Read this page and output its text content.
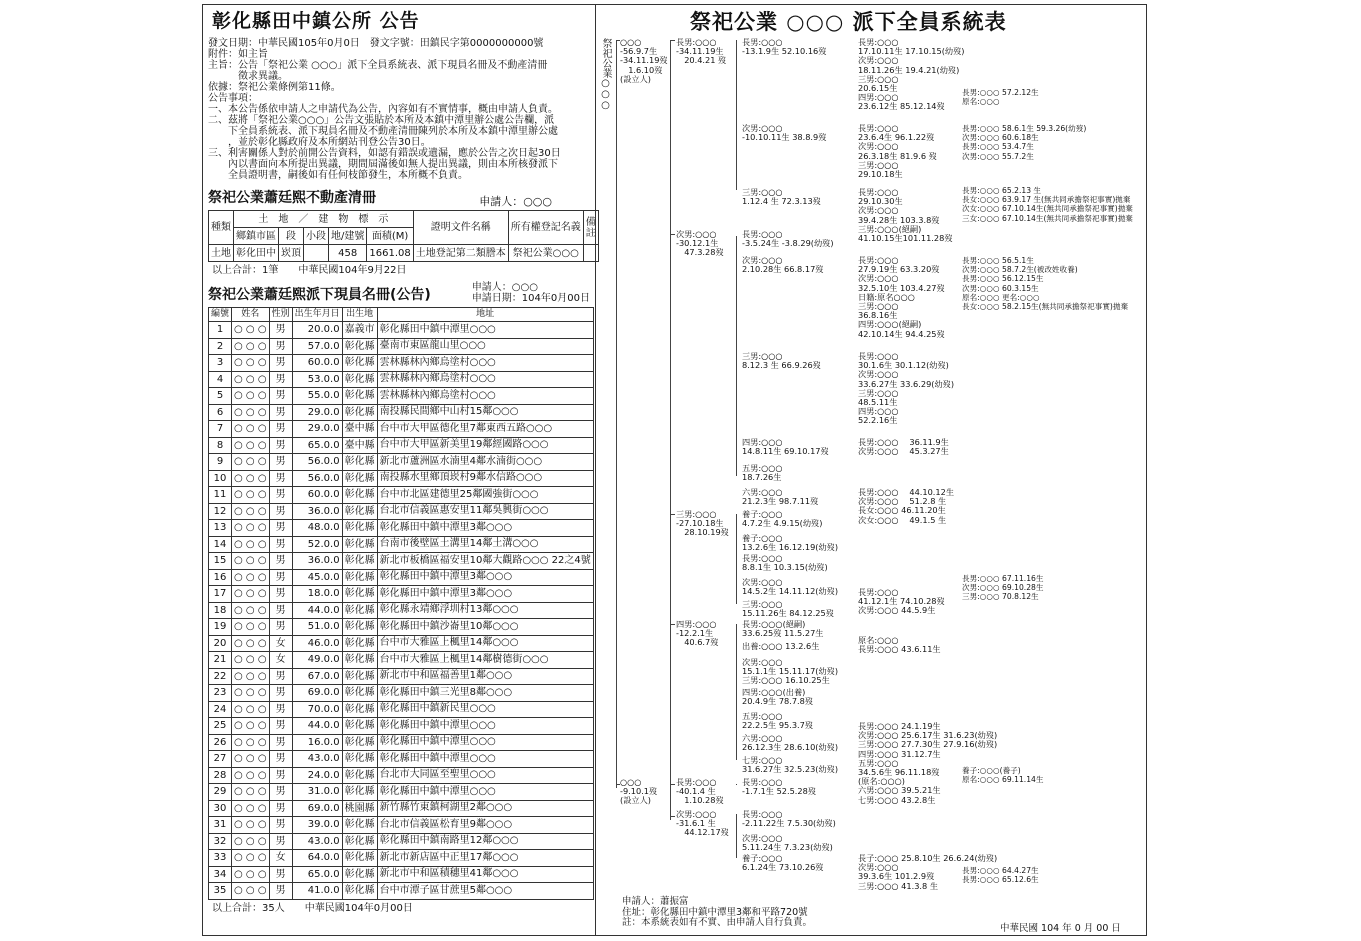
彰化縣田中鎮公所 公告

發文日期：中華民國105年0月0日　發文字號：田鎮民字第0000000000號

附件：如主旨

主旨：公告「祭祀公業 ○○○」派下全員系統表、派下現員名冊及不動產清冊

　　　徵求異議。

依據：祭祀公業條例第11條。

公告事項：

一、本公告係依申請人之申請代為公告，內容如有不實情事，概由申請人負責。

二、茲將「祭祀公業○○○」公告文張貼於本所及本鎮中潭里辦公處公告欄，派

　　下全員系統表、派下現員名冊及不動產清冊陳列於本所及本鎮中潭里辦公處

　　，並於彰化縣政府及本所網站刊登公告30日。

三、利害關係人對於前開公告資料，如認有錯誤或遺漏，應於公告之次日起30日

　　內以書面向本所提出異議，期間屆滿後如無人提出異議，則由本所核發派下

　　全員證明書，嗣後如有任何枝節發生，本所概不負責。

祭祀公業蕭廷熙不動產清冊	申請人：○○○
種類	土　地　／　建　物　標　示					證明文件名稱	所有權登記名義	備註
	鄉鎮市區	段	小段	地/建號	面積(M)			
土地	彰化田中	崁頂		458	1661.08	土地登記第二類謄本	祭祀公業○○○	
以上合計：1筆　　中華民國104年9月22日
祭祀公業蕭廷熙派下現員名冊(公告)	申請人：○○○
申請日期：104年0月00日
編號	姓名	性別	出生年月日	出生地	地址
1	○ ○ ○	男	20.0.0	嘉義市	彰化縣田中鎮中潭里○○○
2	○ ○ ○	男	57.0.0	彰化縣	臺南市東區龍山里○○○
3	○ ○ ○	男	60.0.0	彰化縣	雲林縣林內鄉烏塗村○○○
4	○ ○ ○	男	53.0.0	彰化縣	雲林縣林內鄉烏塗村○○○
5	○ ○ ○	男	55.0.0	彰化縣	雲林縣林內鄉烏塗村○○○
6	○ ○ ○	男	29.0.0	彰化縣	南投縣民間鄉中山村15鄰○○○
7	○ ○ ○	男	29.0.0	臺中縣	台中市大甲區德化里7鄰東西五路○○○
8	○ ○ ○	男	65.0.0	臺中縣	台中市大甲區新美里19鄰經國路○○○
9	○ ○ ○	男	56.0.0	彰化縣	新北市蘆洲區水湳里4鄰水湳街○○○
10	○ ○ ○	男	56.0.0	彰化縣	南投縣水里鄉頂崁村9鄰水信路○○○
11	○ ○ ○	男	60.0.0	彰化縣	台中市北區建德里25鄰國強街○○○
12	○ ○ ○	男	36.0.0	彰化縣	台北市信義區惠安里11鄰吳興街○○○
13	○ ○ ○	男	48.0.0	彰化縣	彰化縣田中鎮中潭里3鄰○○○
14	○ ○ ○	男	52.0.0	彰化縣	台南市後壁區土溝里14鄰土溝○○○
15	○ ○ ○	男	36.0.0	彰化縣	新北市板橋區福安里10鄰大觀路○○○ 22之4號
16	○ ○ ○	男	45.0.0	彰化縣	彰化縣田中鎮中潭里3鄰○○○
17	○ ○ ○	男	18.0.0	彰化縣	彰化縣田中鎮中潭里3鄰○○○
18	○ ○ ○	男	44.0.0	彰化縣	彰化縣永靖鄉浮圳村13鄰○○○
19	○ ○ ○	男	51.0.0	彰化縣	彰化縣田中鎮沙崙里10鄰○○○
20	○ ○ ○	女	46.0.0	彰化縣	台中市大雅區上楓里14鄰○○○
21	○ ○ ○	女	49.0.0	彰化縣	台中市大雅區上楓里14鄰樹德街○○○
22	○ ○ ○	男	67.0.0	彰化縣	新北市中和區福善里1鄰○○○
23	○ ○ ○	男	69.0.0	彰化縣	彰化縣田中鎮三光里8鄰○○○
24	○ ○ ○	男	70.0.0	彰化縣	彰化縣田中鎮新民里○○○
25	○ ○ ○	男	44.0.0	彰化縣	彰化縣田中鎮中潭里○○○
26	○ ○ ○	男	16.0.0	彰化縣	彰化縣田中鎮中潭里○○○
27	○ ○ ○	男	43.0.0	彰化縣	彰化縣田中鎮中潭里○○○
28	○ ○ ○	男	24.0.0	彰化縣	台北市大同區至聖里○○○
29	○ ○ ○	男	31.0.0	彰化縣	彰化縣田中鎮中潭里○○○
30	○ ○ ○	男	69.0.0	桃園縣	新竹縣竹東鎮柯湖里2鄰○○○
31	○ ○ ○	男	39.0.0	彰化縣	台北市信義區松育里9鄰○○○
32	○ ○ ○	男	43.0.0	彰化縣	彰化縣田中鎮南路里12鄰○○○
33	○ ○ ○	女	64.0.0	彰化縣	新北市新店區中正里17鄰○○○
34	○ ○ ○	男	65.0.0	彰化縣	新北市中和區積穗里41鄰○○○
35	○ ○ ○	男	41.0.0	彰化縣	台中市潭子區甘蔗里5鄰○○○
以上合計：35人　　中華民國104年0月00日
祭祀公業 ○○○ 派下全員系統表
祭祀公業○○○ ○○○
-56.9.7生
-34.11.19歿
　1.6.10歿
(設立人)
○○○
-9.10.1歿
(設立人)
長男:○○○
-34.11.19生
　20.4.21 歿
次男:○○○
-30.12.1生
　47.3.28歿
三男:○○○
-27.10.18生
　28.10.19歿
四男:○○○
-12.2.1生
　40.6.7歿
長男:○○○
-40.1.4 生
　1.10.28歿
次男:○○○
-31.6.1 生
　44.12.17歿
長男:○○○
-13.1.9生 52.10.16歿
次男:○○○
-10.10.11生 38.8.9歿
三男:○○○
1.12.4 生 72.3.13歿
長男:○○○
-3.5.24生 -3.8.29(幼歿)
次男:○○○
2.10.28生 66.8.17歿
三男:○○○
8.12.3 生 66.9.26歿
四男:○○○
14.8.11生 69.10.17歿
五男:○○○
18.7.26生
六男:○○○
21.2.3生 98.7.11歿
養子:○○○
4.7.2生 4.9.15(幼歿)
養子:○○○
13.2.6生 16.12.19(幼歿)
長男:○○○
8.8.1生 10.3.15(幼歿)
次男:○○○
14.5.2生 14.11.12(幼歿)
三男:○○○
15.11.26生 84.12.25歿
長男:○○○(絕嗣)
33.6.25歿 11.5.27生
出養:○○○ 13.2.6生
次男:○○○
15.1.1生 15.11.17(幼歿)
三男:○○○ 16.10.25生
四男:○○○(出養)
20.4.9生 78.7.8歿
五男:○○○
22.2.5生 95.3.7歿
六男:○○○
26.12.3生 28.6.10(幼歿)
七男:○○○
31.6.27生 32.5.23(幼歿)
長男:○○○
-1.7.1生 52.5.28歿
長男:○○○
-2.11.22生 7.5.30(幼歿)
次男:○○○
5.11.24生 7.3.23(幼歿)
養子:○○○
6.1.24生 73.10.26歿
長男:○○○
17.10.11生 17.10.15(幼歿)
次男:○○○
18.11.26生 19.4.21(幼歿)
三男:○○○
20.6.15生
四男:○○○
23.6.12生 85.12.14歿
長男:○○○
23.6.4生 96.1.22歿
次男:○○○
26.3.18生 81.9.6 歿
三男:○○○
29.10.18生
長男:○○○
29.10.30生
次男:○○○
39.4.28生 103.3.8歿
三男:○○○(絕嗣)
41.10.15生101.11.28歿
長男:○○○
27.9.19生 63.3.20歿
次男:○○○
32.5.10生 103.4.27歿
日籍:原名○○○
三男:○○○
36.8.16生
四男:○○○(絕嗣)
42.10.14生 94.4.25歿
長男:○○○
30.1.6生 30.1.12(幼歿)
次男:○○○
33.6.27生 33.6.29(幼歿)
三男:○○○
48.5.11生
四男:○○○
52.2.16生
長男:○○○　 36.11.9生
次男:○○○　 45.3.27生
長男:○○○　 44.10.12生
次男:○○○　 51.2.8 生
長女:○○○ 46.11.20生
次女:○○○　 49.1.5 生
長男:○○○
41.12.1生 74.10.28歿
次男:○○○ 44.5.9生
原名:○○○
長男:○○○ 43.6.11生
長男:○○○ 24.1.19生
次男:○○○ 25.6.17生 31.6.23(幼歿)
三男:○○○ 27.7.30生 27.9.16(幼歿)
四男:○○○ 31.12.7生
五男:○○○
34.5.6生 96.11.18歿
(原名:○○○)
六男:○○○ 39.5.21生
七男:○○○ 43.2.8生
長子:○○○ 25.8.10生 26.6.24(幼歿)
次男:○○○
39.3.6生 101.2.9歿
三男:○○○ 41.3.8 生
長男:○○○ 57.2.12生
原名:○○○
長男:○○○ 58.6.1生 59.3.26(幼歿)
次男:○○○ 60.6.18生
長男:○○○ 53.4.7生
次男:○○○ 55.7.2生
長男:○○○ 65.2.13 生
長女:○○○ 63.9.17 生(無共同承擔祭祀事實)拋棄
次女:○○○ 67.10.14生(無共同承擔祭祀事實)拋棄
三女:○○○ 67.10.14生(無共同承擔祭祀事實)拋棄
長男:○○○ 56.5.1生
次男:○○○ 58.7.2生(被改姓收養)
長男:○○○ 56.12.15生
次男:○○○ 60.3.15生
原名:○○○ 更名:○○○
長女:○○○ 58.2.15生(無共同承擔祭祀事實)拋棄
長男:○○○ 67.11.16生
次男:○○○ 69.10.28生
三男:○○○ 70.8.12生
養子:○○○(養子)
原名:○○○ 69.11.14生
長男:○○○ 64.4.27生
長男:○○○ 65.12.6生
申請人：蕭振富
住址：彰化縣田中鎮中潭里3鄰和平路720號
註：本系統表如有不實、由申請人自行負責。
中華民國 104 年 0 月 00 日
